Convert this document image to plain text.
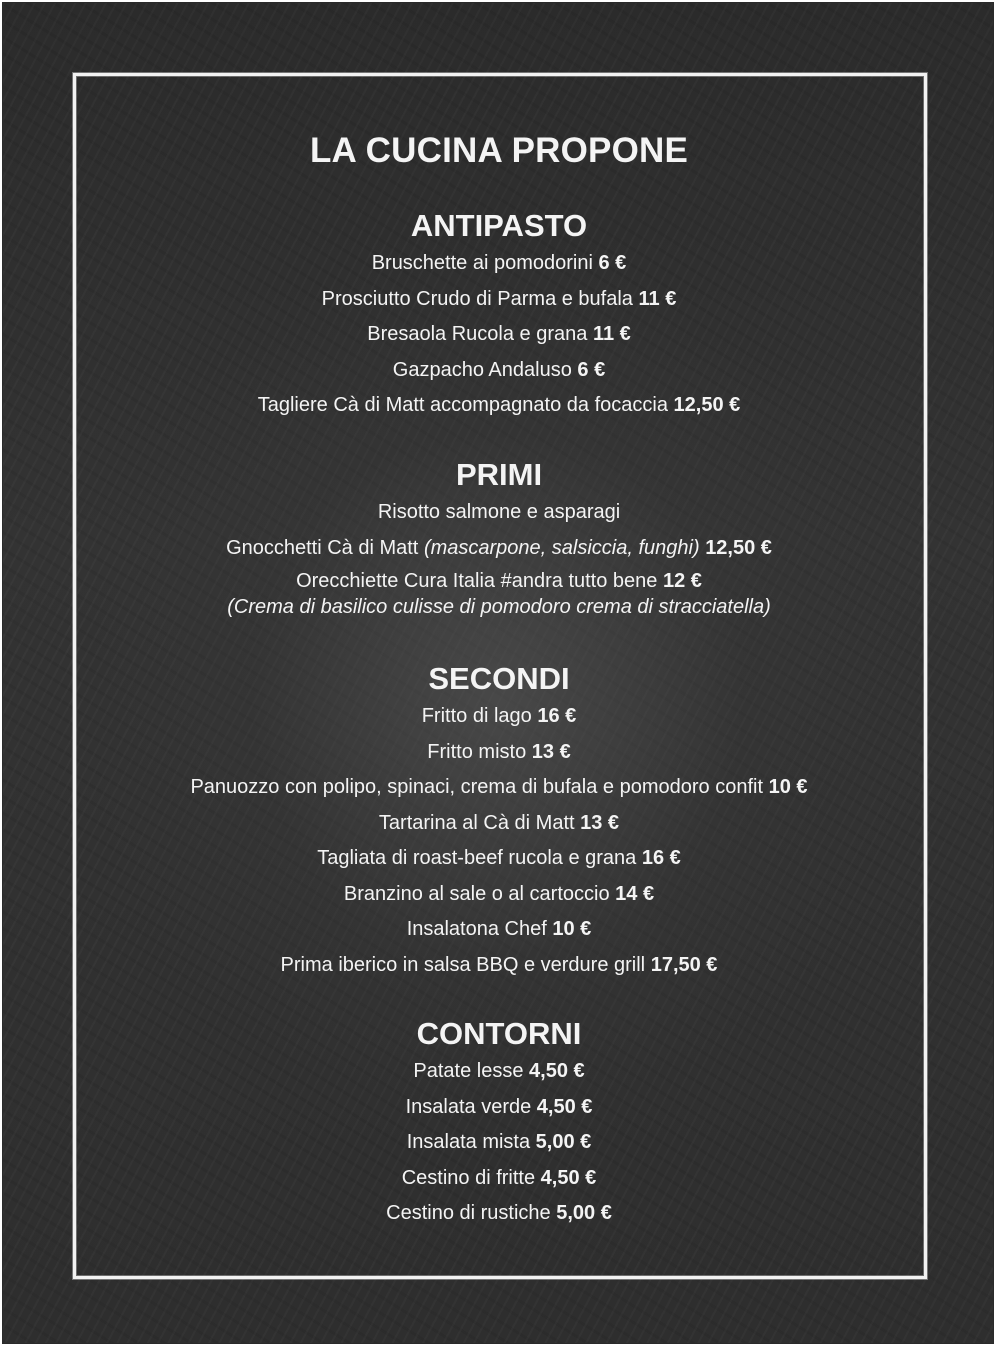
LA CUCINA PROPONE
ANTIPASTO
Bruschette ai pomodorini 6 €
Prosciutto Crudo di Parma e bufala 11 €
Bresaola Rucola e grana 11 €
Gazpacho Andaluso 6 €
Tagliere Cà di Matt accompagnato da focaccia 12,50 €
PRIMI
Risotto salmone e asparagi
Gnocchetti Cà di Matt (mascarpone, salsiccia, funghi) 12,50 €
Orecchiette Cura Italia #andra tutto bene 12 €
(Crema di basilico culisse di pomodoro crema di stracciatella)
SECONDI
Fritto di lago 16 €
Fritto misto 13 €
Panuozzo con polipo, spinaci, crema di bufala e pomodoro confit 10 €
Tartarina al Cà di Matt 13 €
Tagliata di roast-beef rucola e grana 16 €
Branzino al sale o al cartoccio 14 €
Insalatona Chef 10 €
Prima iberico in salsa BBQ e verdure grill 17,50 €
CONTORNI
Patate lesse 4,50 €
Insalata verde 4,50 €
Insalata mista 5,00 €
Cestino di fritte 4,50 €
Cestino di rustiche 5,00 €
